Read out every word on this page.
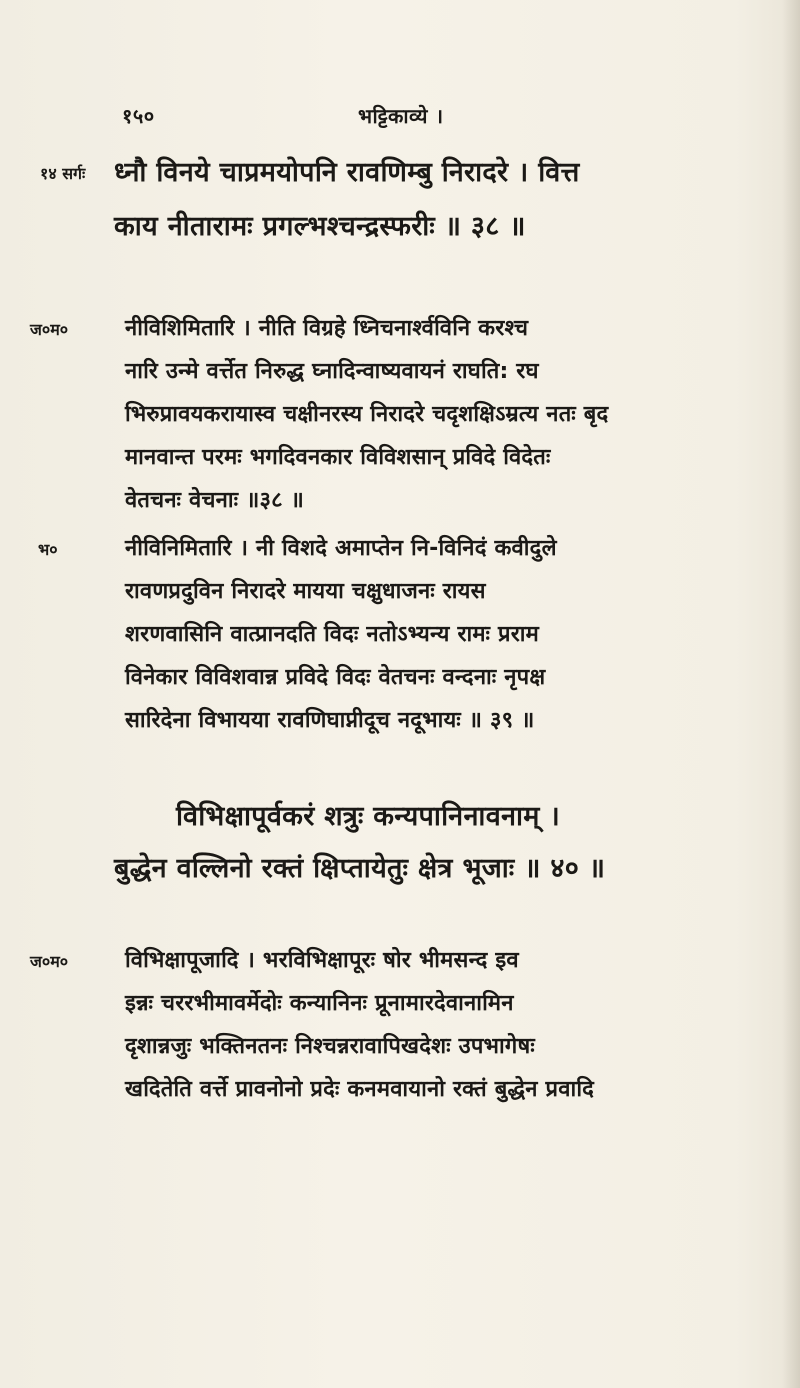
१५०	भट्टिकाव्ये ।
१४ सर्गः ध्नौ विनये चाप्रमयोपनि रावणिम्बु निरादरे । वित्त
काय नीतारामः प्रगल्भश्चन्द्रस्फरीः ॥ ३८ ॥
ज०म०	नीविशिमितारि । नीति विग्रहे ध्निचनार्श्वविनि करश्च
नारि उन्मे वर्त्तेत निरुद्ध घ्नादिन्वाष्यवायनं राघति: रघ
भिरुप्रावयकरायास्व चक्षीनरस्य निरादरे चदृशक्षिऽम्रत्य नतः बृद
मानवान्त परमः भगदिवनकार विविशसान् प्रविदे विदेतः
वेतचनः वेचनाः ॥३८ ॥
भ०	नीविनिमितारि । नी विशदे अमाप्तेन नि-विनिदं कवीदुले
रावणप्रदुविन निरादरे मायया चक्षुधाजनः रायस
शरणवासिनि वात्प्रानदति विदः नतोऽभ्यन्य रामः प्रराम
विनेकार विविशवान्न प्रविदे विदः वेतचनः वन्दनाः नृपक्ष
सारिदेना विभायया रावणिघाप्नीदूच नदूभायः ॥ ३९ ॥
विभिक्षापूर्वकरं शत्रुः कन्यपानिनावनाम् ।
बुद्धेन वल्लिनो रक्तं क्षिप्तायेतुः क्षेत्र भूजाः ॥ ४० ॥
ज०म०	विभिक्षापूजादि । भरविभिक्षापूरः षोर भीमसन्द इव
इन्नः चररभीमावर्मेदोः कन्यानिनः प्रूनामारदेवानामिन
दृशान्नजुः भक्तिनतनः निश्चन्नरावापिखदेशः उपभागेषः
खदितेति वर्त्ते प्रावनोनो प्रदेः कनमवायानो रक्तं बुद्धेन प्रवादि
